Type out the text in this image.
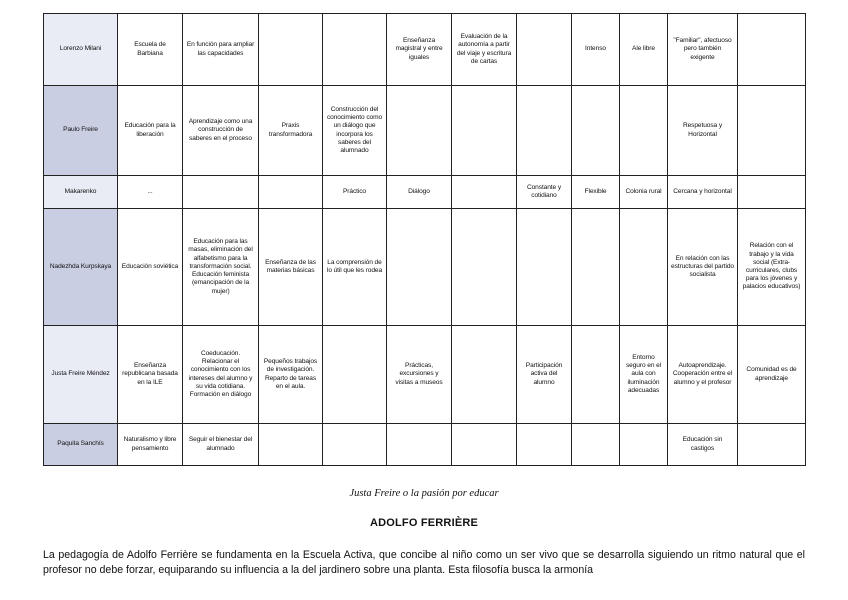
Lorenzo Milani	Escuela de Barbiana	En función para ampliar las capacidades			Enseñanza magistral y entre iguales	Evaluación de la autonomía a partir del viaje y escritura de cartas		Intenso	Ale libre	"Familiar", afectuoso pero también exigente	
Paulo Freire	Educación para la liberación	Aprendizaje como una construcción de saberes en el proceso	Praxis transformadora	Construcción del conocimiento como un diálogo que incorpora los saberes del alumnado						Respetuosa y Horizontal	
Makarenko	...			Práctico	Diálogo		Constante y cotidiano	Flexible	Colonia rural	Cercana y horizontal	
Nadezhda Kurpskaya	Educación soviética	Educación para las masas, eliminación del alfabetismo para la transformación social. Educación feminista (emancipación de la mujer)	Enseñanza de las materias básicas	La comprensión de lo útil que les rodea						En relación con las estructuras del partido socialista	Relación con el trabajo y la vida social (Extra-curriculares, clubs para los jóvenes y palacios educativos)
Justa Freire Méndez	Enseñanza republicana basada en la ILE	Coeducación. Relacionar el conocimiento con los intereses del alumno y su vida cotidiana. Formación en diálogo	Pequeños trabajos de investigación. Reparto de tareas en el aula.		Prácticas, excursiones y visitas a museos		Participación activa del alumno		Entorno seguro en el aula con iluminación adecuadas	Autoaprendizaje. Cooperación entre el alumno y el profesor	Comunidad es de aprendizaje
Paquita Sanchís	Naturalismo y libre pensamiento	Seguir el bienestar del alumnado								Educación sin castigos	
Justa Freire o la pasión por educar
ADOLFO FERRIÈRE
La pedagogía de Adolfo Ferrière se fundamenta en la Escuela Activa, que concibe al niño como un ser vivo que se desarrolla siguiendo un ritmo natural que el profesor no debe forzar, equiparando su influencia a la del jardinero sobre una planta. Esta filosofía busca la armonía
